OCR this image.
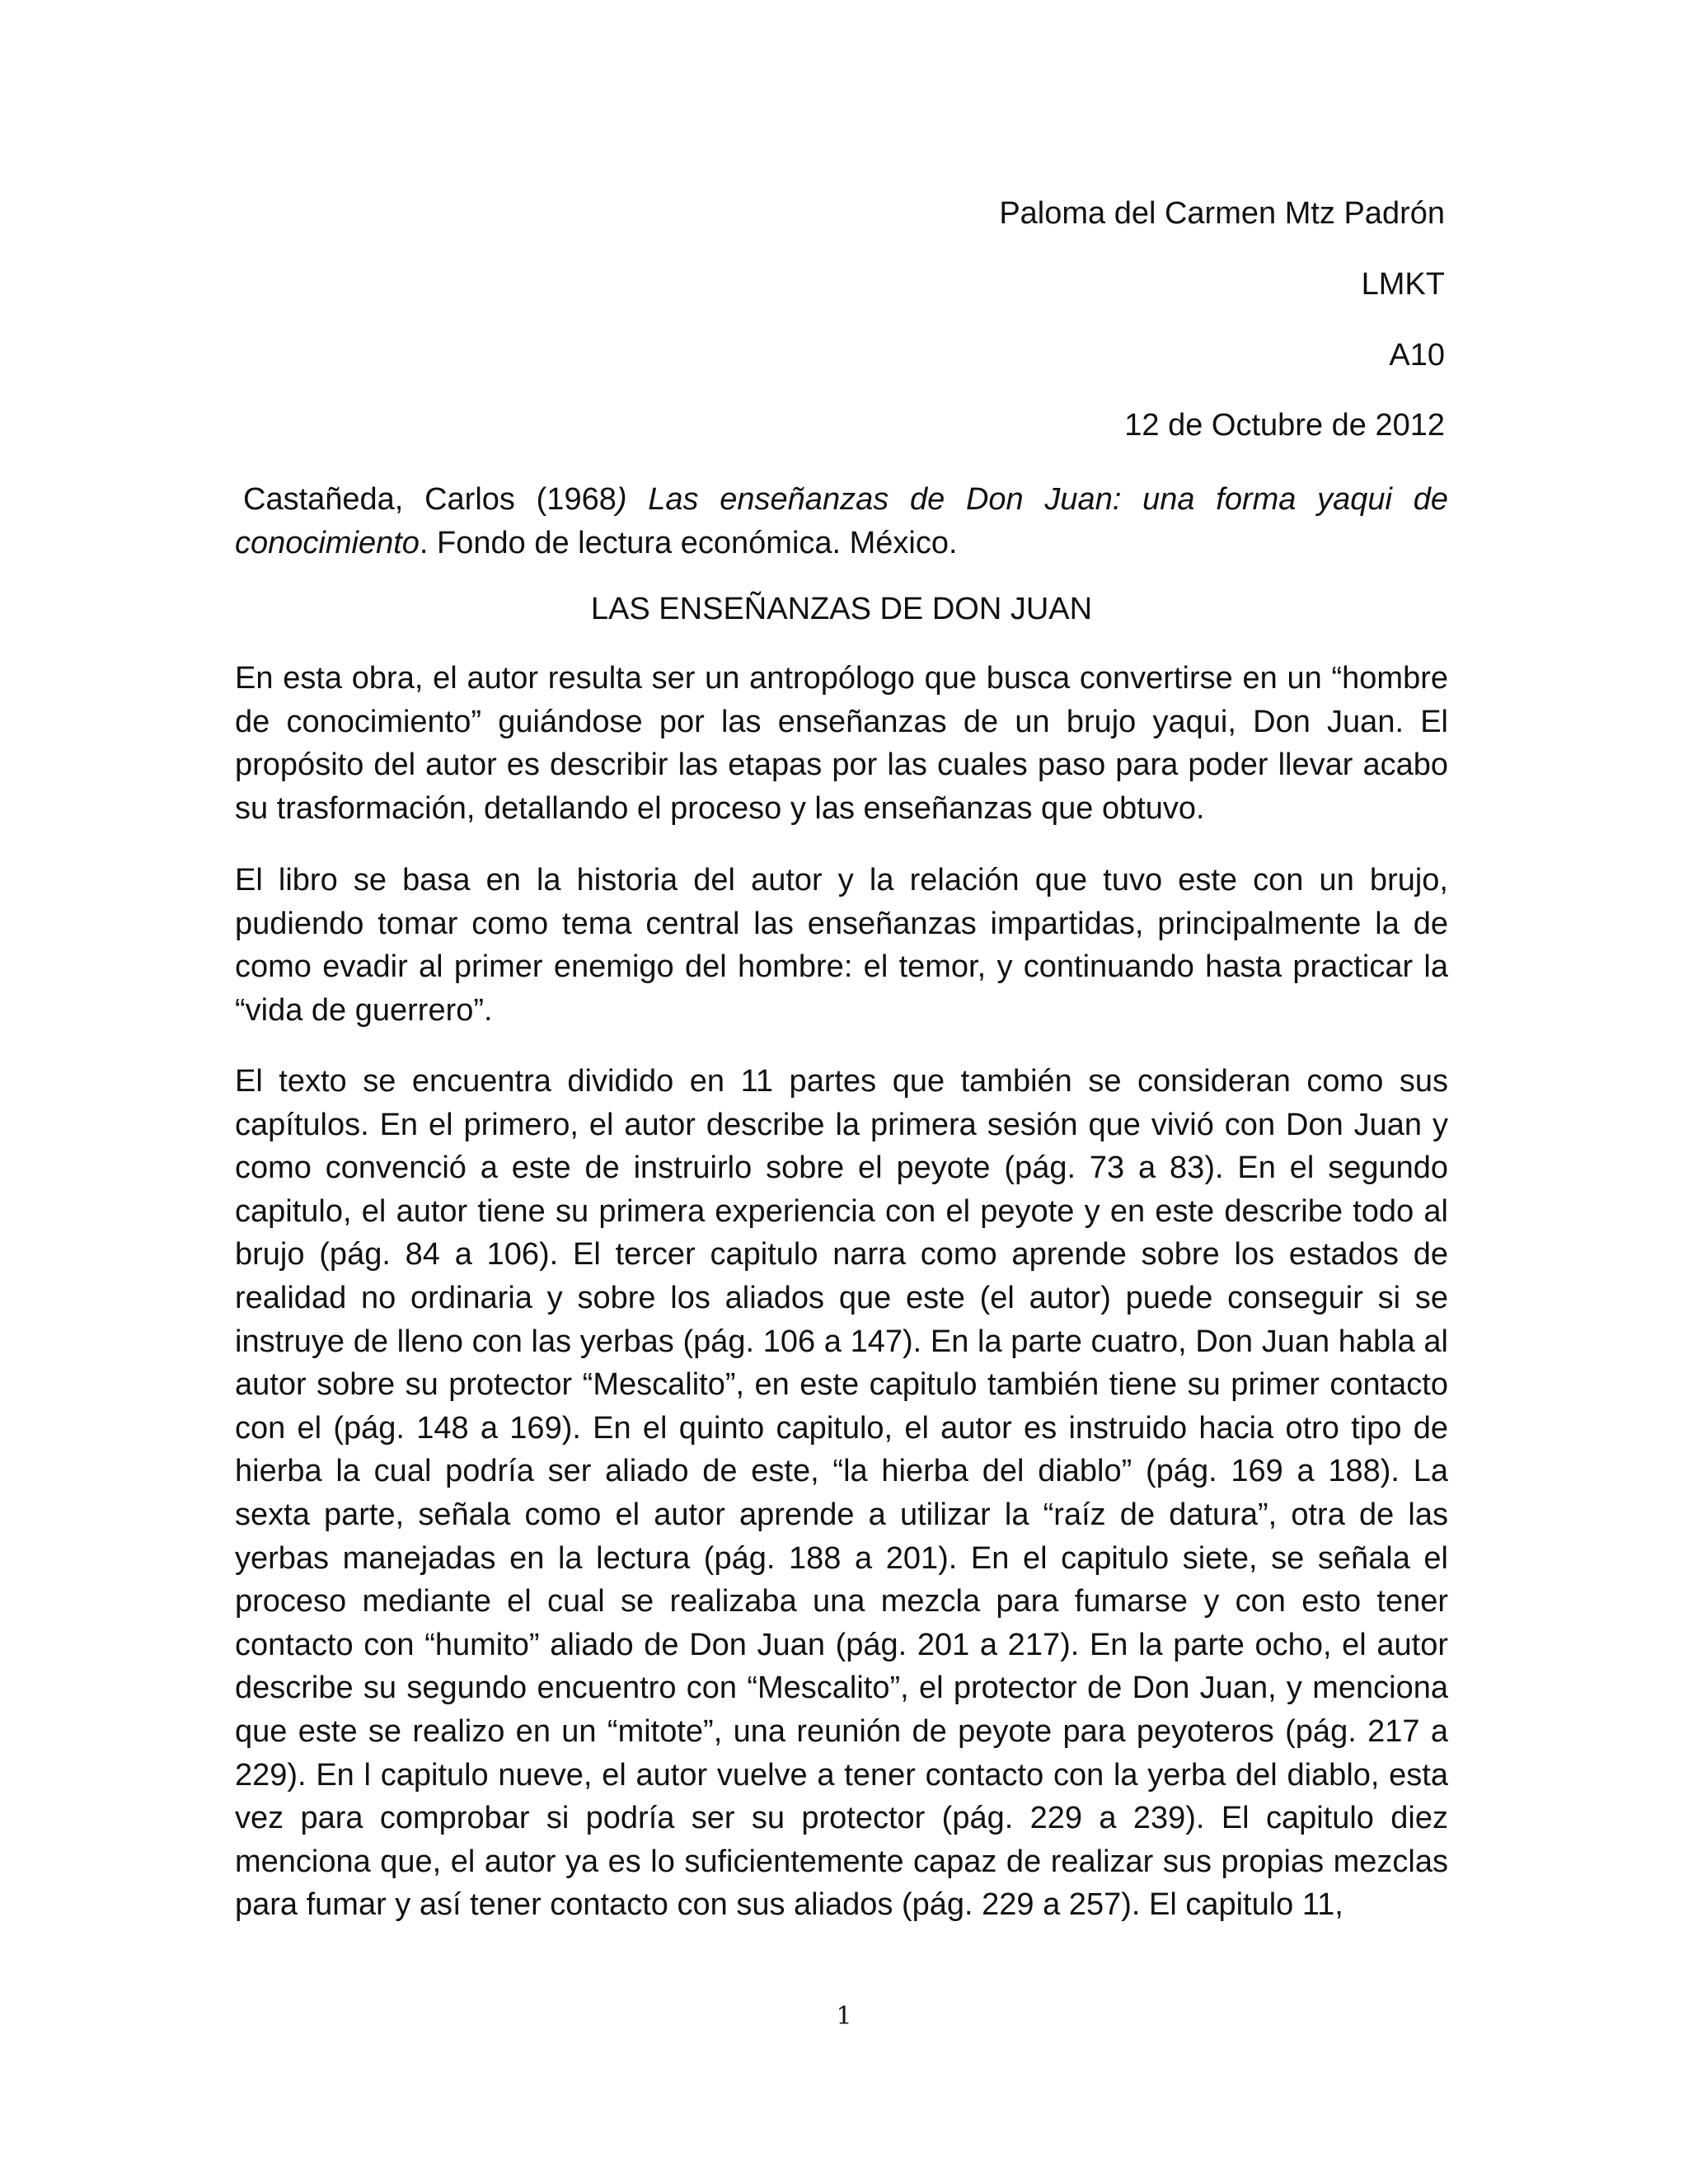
Paloma del Carmen Mtz Padrón
LMKT
A10
12 de Octubre de 2012
Castañeda, Carlos (1968) Las enseñanzas de Don Juan: una forma yaqui de conocimiento. Fondo de lectura económica. México.
LAS ENSEÑANZAS DE DON JUAN

En esta obra, el autor resulta ser un antropólogo que busca convertirse en un “hombre de conocimiento” guiándose por las enseñanzas de un brujo yaqui, Don Juan. El propósito del autor es describir las etapas por las cuales paso para poder llevar acabo su trasformación, detallando el proceso y las enseñanzas que obtuvo.

El libro se basa en la historia del autor y la relación que tuvo este con un brujo, pudiendo tomar como tema central las enseñanzas impartidas, principalmente la de como evadir al primer enemigo del hombre: el temor, y continuando hasta practicar la “vida de guerrero”.

El texto se encuentra dividido en 11 partes que también se consideran como sus capítulos. En el primero, el autor describe la primera sesión que vivió con Don Juan y como convenció a este de instruirlo sobre el peyote (pág. 73 a 83). En el segundo capitulo, el autor tiene su primera experiencia con el peyote y en este describe todo al brujo (pág. 84 a 106). El tercer capitulo narra como aprende sobre los estados de realidad no ordinaria y sobre los aliados que este (el autor) puede conseguir si se instruye de lleno con las yerbas (pág. 106 a 147). En la parte cuatro, Don Juan habla al autor sobre su protector “Mescalito”, en este capitulo también tiene su primer contacto con el (pág. 148 a 169). En el quinto capitulo, el autor es instruido hacia otro tipo de hierba la cual podría ser aliado de este, “la hierba del diablo” (pág. 169 a 188). La sexta parte, señala como el autor aprende a utilizar la “raíz de datura”, otra de las yerbas manejadas en la lectura (pág. 188 a 201). En el capitulo siete, se señala el proceso mediante el cual se realizaba una mezcla para fumarse y con esto tener contacto con “humito” aliado de Don Juan (pág. 201 a 217). En la parte ocho, el autor describe su segundo encuentro con “Mescalito”, el protector de Don Juan, y menciona que este se realizo en un “mitote”, una reunión de peyote para peyoteros (pág. 217 a 229). En l capitulo nueve, el autor vuelve a tener contacto con la yerba del diablo, esta vez para comprobar si podría ser su protector (pág. 229 a 239). El capitulo diez menciona que, el autor ya es lo suficientemente capaz de realizar sus propias mezclas para fumar y así tener contacto con sus aliados (pág. 229 a 257). El capitulo 11,

1
